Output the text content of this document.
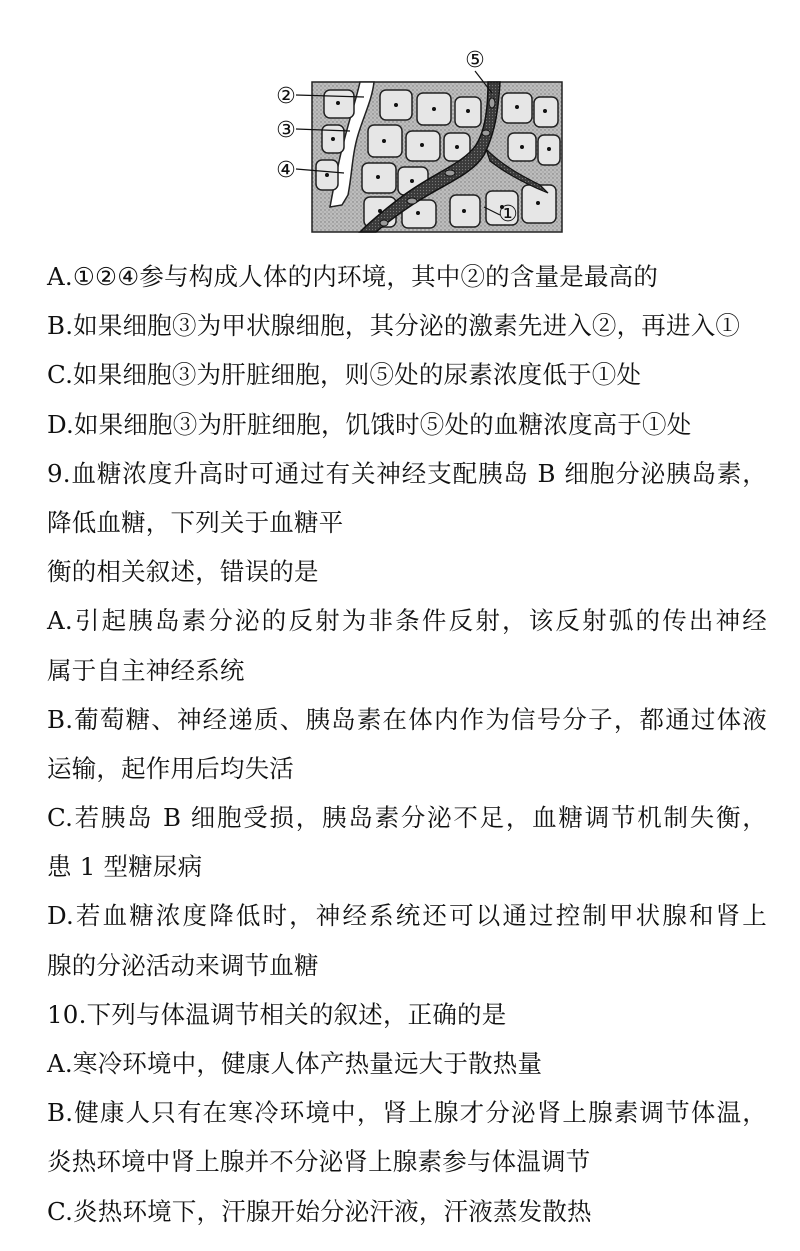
⑤
②
③
④
①
A.①②④参与构成人体的内环境，其中②的含量是最高的
B.如果细胞③为甲状腺细胞，其分泌的激素先进入②，再进入①
C.如果细胞③为肝脏细胞，则⑤处的尿素浓度低于①处
D.如果细胞③为肝脏细胞，饥饿时⑤处的血糖浓度高于①处
9.血糖浓度升高时可通过有关神经支配胰岛 B 细胞分泌胰岛素，
降低血糖，下列关于血糖平
衡的相关叙述，错误的是
A.引起胰岛素分泌的反射为非条件反射，该反射弧的传出神经
属于自主神经系统
B.葡萄糖、神经递质、胰岛素在体内作为信号分子，都通过体液
运输，起作用后均失活
C.若胰岛 B 细胞受损，胰岛素分泌不足，血糖调节机制失衡，
患 1 型糖尿病
D.若血糖浓度降低时，神经系统还可以通过控制甲状腺和肾上
腺的分泌活动来调节血糖
10.下列与体温调节相关的叙述，正确的是
A.寒冷环境中，健康人体产热量远大于散热量
B.健康人只有在寒冷环境中，肾上腺才分泌肾上腺素调节体温，
炎热环境中肾上腺并不分泌肾上腺素参与体温调节
C.炎热环境下，汗腺开始分泌汗液，汗液蒸发散热
